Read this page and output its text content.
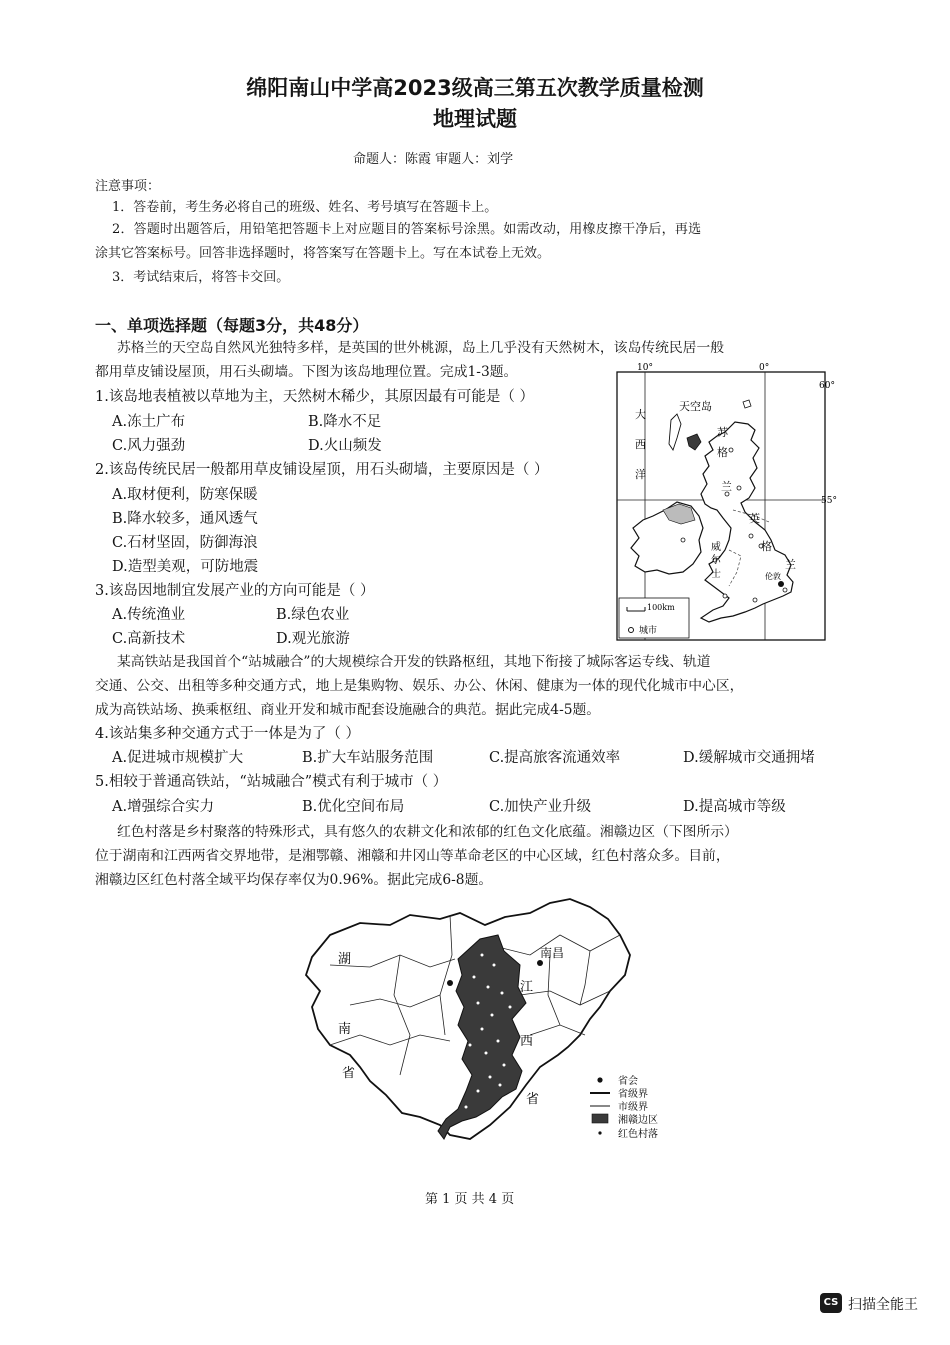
绵阳南山中学高2023级高三第五次教学质量检测
地理试题
命题人：陈霞 审题人：刘学
注意事项：
1．答卷前，考生务必将自己的班级、姓名、考号填写在答题卡上。
2．答题时出题答后，用铅笔把答题卡上对应题目的答案标号涂黑。如需改动，用橡皮擦干净后，再选
涂其它答案标号。回答非选择题时，将答案写在答题卡上。写在本试卷上无效。
3．考试结束后，将答卡交回。
一、单项选择题（每题3分，共48分）
苏格兰的天空岛自然风光独特多样，是英国的世外桃源，岛上几乎没有天然树木，该岛传统民居一般
都用草皮铺设屋顶，用石头砌墙。下图为该岛地理位置。完成1-3题。
1.该岛地表植被以草地为主，天然树木稀少，其原因最有可能是（ ）
A.冻土广布	B.降水不足
C.风力强劲	D.火山频发
2.该岛传统民居一般都用草皮铺设屋顶，用石头砌墙，主要原因是（ ）
A.取材便利，防寒保暖
B.降水较多，通风透气
C.石材坚固，防御海浪
D.造型美观，可防地震
3.该岛因地制宜发展产业的方向可能是（ ）
A.传统渔业	B.绿色农业
C.高新技术	D.观光旅游
10°	0°
60°
55°
天空岛
大
西
洋
苏
格
兰
英
格
兰
威
尔
士	伦敦
100km
城市
某高铁站是我国首个“站城融合”的大规模综合开发的铁路枢纽，其地下衔接了城际客运专线、轨道
交通、公交、出租等多种交通方式，地上是集购物、娱乐、办公、休闲、健康为一体的现代化城市中心区，
成为高铁站场、换乘枢纽、商业开发和城市配套设施融合的典范。据此完成4-5题。
4.该站集多种交通方式于一体是为了（ ）
A.促进城市规模扩大	B.扩大车站服务范围	C.提高旅客流通效率	D.缓解城市交通拥堵
5.相较于普通高铁站，“站城融合”模式有利于城市（ ）
A.增强综合实力	B.优化空间布局	C.加快产业升级	D.提高城市等级
红色村落是乡村聚落的特殊形式，具有悠久的农耕文化和浓郁的红色文化底蕴。湘赣边区（下图所示）
位于湖南和江西两省交界地带，是湘鄂赣、湘赣和井冈山等革命老区的中心区域，红色村落众多。目前，
湘赣边区红色村落全域平均保存率仅为0.96%。据此完成6-8题。
南昌
湖
南
省
江
西
省
省会
省级界
市级界
湘赣边区
红色村落
第 1 页 共 4 页
CS 扫描全能王
